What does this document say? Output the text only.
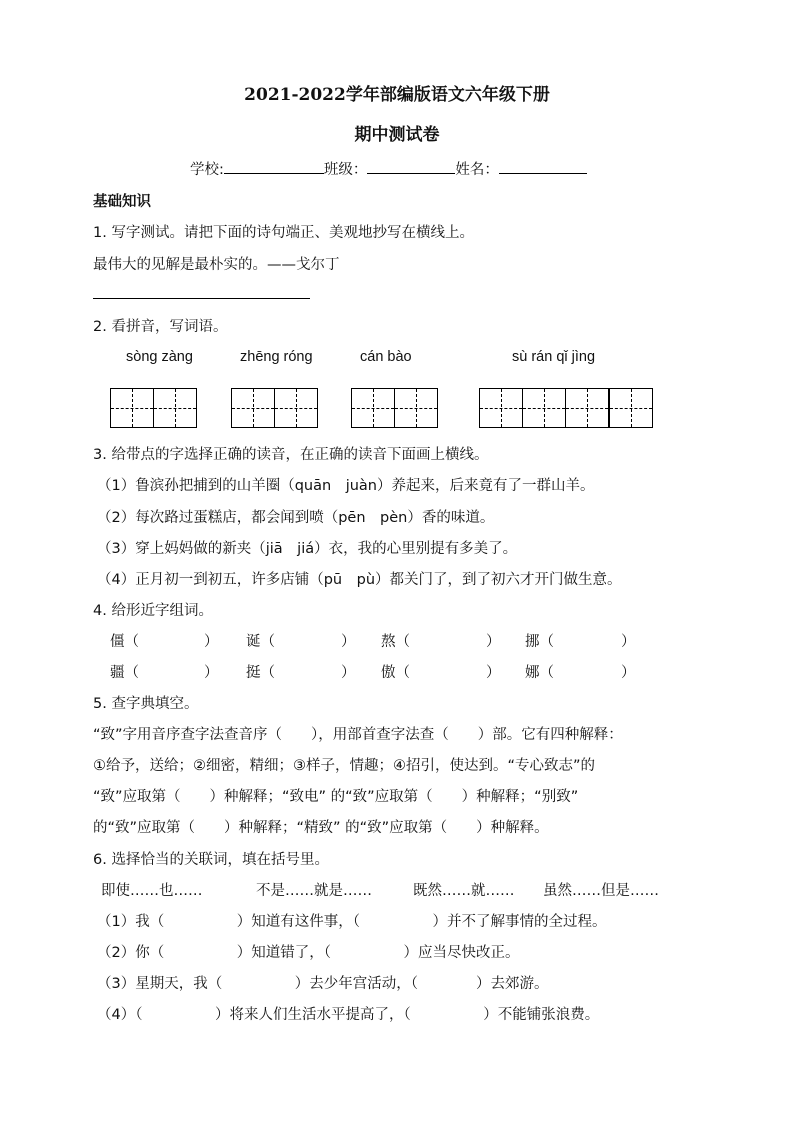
2021-2022学年部编版语文六年级下册
期中测试卷
学校:	班级：	姓名：
基础知识
1. 写字测试。请把下面的诗句端正、美观地抄写在横线上。
最伟大的见解是最朴实的。——戈尔丁
2. 看拼音，写词语。
sòng zàng	zhēng róng	cán bào	sù rán qǐ jìng
3. 给带点的字选择正确的读音，在正确的读音下面画上横线。
（1）鲁滨孙把捕到的山羊圈（quān　juàn）养起来，后来竟有了一群山羊。
（2）每次路过蛋糕店，都会闻到喷（pēn　pèn）香的味道。
（3）穿上妈妈做的新夹（jiā　jiá）衣，我的心里别提有多美了。
（4）正月初一到初五，许多店铺（pū　pù）都关门了，到了初六才开门做生意。
4. 给形近字组词。
僵（	） 诞（	） 熬（	） 挪（	）
疆（	） 挺（	） 傲（	） 娜（	）
5. 查字典填空。
“致”字用音序查字法查音序（　　），用部首查字法查（　　）部。它有四种解释：
①给予，送给；②细密，精细；③样子，情趣；④招引，使达到。“专心致志”的
“致”应取第（　　）种解释；“致电” 的“致”应取第（　　）种解释；“别致”
的“致”应取第（　　）种解释；“精致” 的“致”应取第（　　）种解释。
6. 选择恰当的关联词，填在括号里。
即使……也……	不是……就是……	既然……就…… 虽然……但是……
（1）我（　　　　　）知道有这件事，（　　　　　）并不了解事情的全过程。
（2）你（　　　　　）知道错了，（　　　　　）应当尽快改正。
（3）星期天，我（　　　　　）去少年宫活动，（　　　　）去郊游。
（4）（　　　　　）将来人们生活水平提高了，（　　　　　）不能铺张浪费。
